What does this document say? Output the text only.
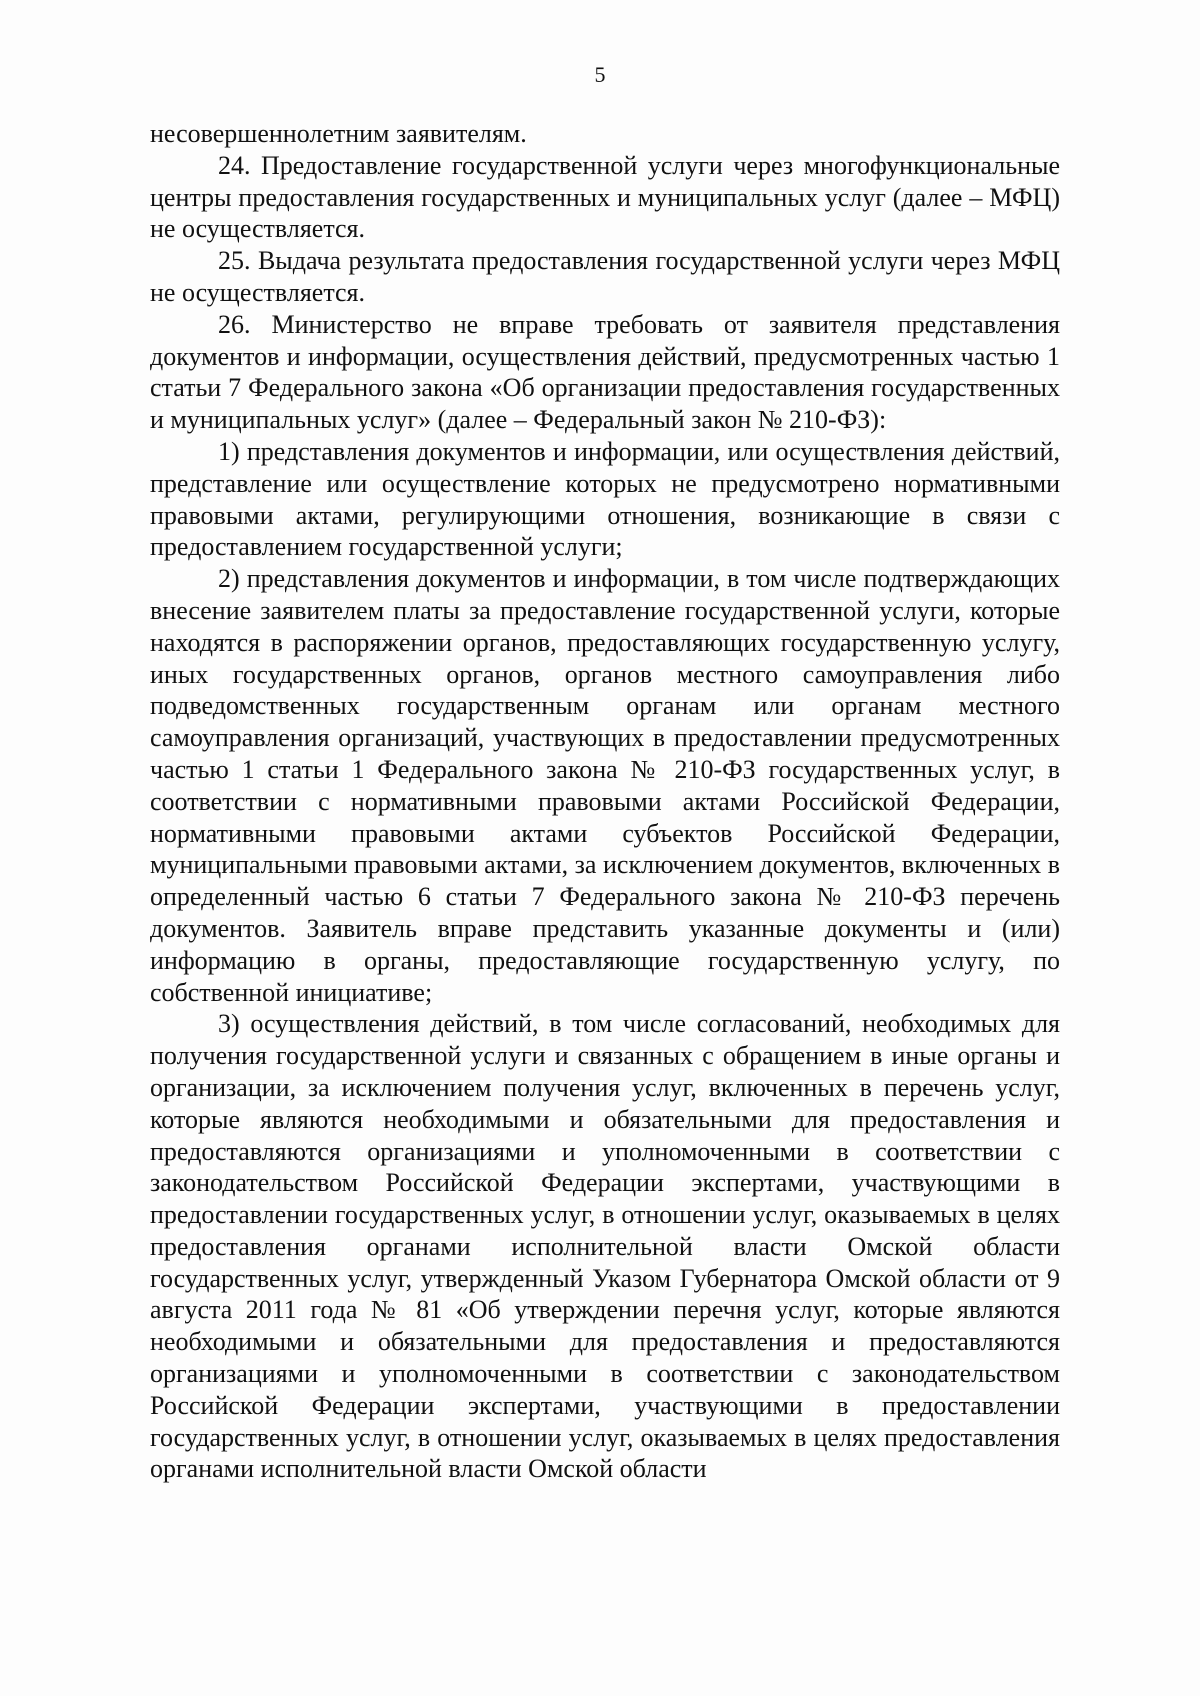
5

несовершеннолетним заявителям.

24. Предоставление государственной услуги через многофункциональные центры предоставления государственных и муниципальных услуг (далее – МФЦ) не осуществляется.

25. Выдача результата предоставления государственной услуги через МФЦ не осуществляется.

26. Министерство не вправе требовать от заявителя представления документов и информации, осуществления действий, предусмотренных частью 1 статьи 7 Федерального закона «Об организации предоставления государственных и муниципальных услуг» (далее – Федеральный закон № 210-ФЗ):

1) представления документов и информации, или осуществления действий, представление или осуществление которых не предусмотрено нормативными правовыми актами, регулирующими отношения, возникающие в связи с предоставлением государственной услуги;

2) представления документов и информации, в том числе подтверждающих внесение заявителем платы за предоставление государственной услуги, которые находятся в распоряжении органов, предоставляющих государственную услугу, иных государственных органов, органов местного самоуправления либо подведомственных государственным органам или органам местного самоуправления организаций, участвующих в предоставлении предусмотренных частью 1 статьи 1 Федерального закона № 210-ФЗ государственных услуг, в соответствии с нормативными правовыми актами Российской Федерации, нормативными правовыми актами субъектов Российской Федерации, муниципальными правовыми актами, за исключением документов, включенных в определенный частью 6 статьи 7 Федерального закона № 210-ФЗ перечень документов. Заявитель вправе представить указанные документы и (или) информацию в органы, предоставляющие государственную услугу, по собственной инициативе;

3) осуществления действий, в том числе согласований, необходимых для получения государственной услуги и связанных с обращением в иные органы и организации, за исключением получения услуг, включенных в перечень услуг, которые являются необходимыми и обязательными для предоставления и предоставляются организациями и уполномоченными в соответствии с законодательством Российской Федерации экспертами, участвующими в предоставлении государственных услуг, в отношении услуг, оказываемых в целях предоставления органами исполнительной власти Омской области государственных услуг, утвержденный Указом Губернатора Омской области от 9 августа 2011 года № 81 «Об утверждении перечня услуг, которые являются необходимыми и обязательными для предоставления и предоставляются организациями и уполномоченными в соответствии с законодательством Российской Федерации экспертами, участвующими в предоставлении государственных услуг, в отношении услуг, оказываемых в целях предоставления органами исполнительной власти Омской области
